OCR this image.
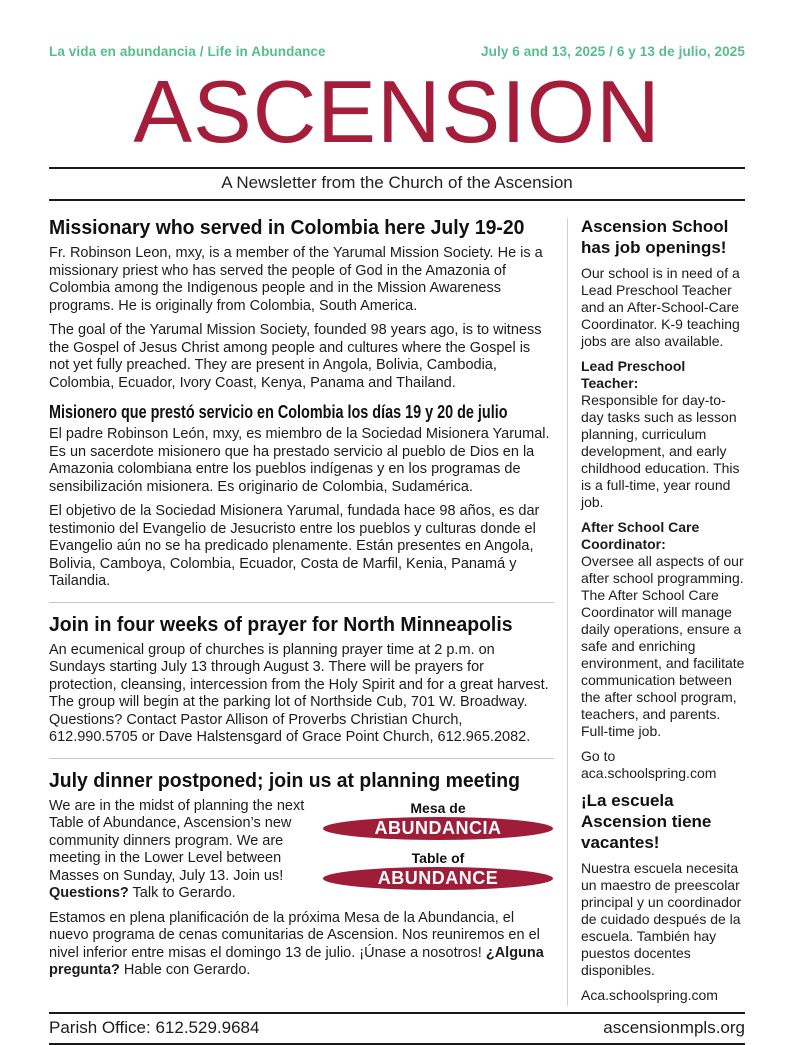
La vida en abundancia / Life in Abundance	July 6 and 13, 2025 / 6 y 13 de julio, 2025
ASCENSION
A Newsletter from the Church of the Ascension
Missionary who served in Colombia here July 19-20

Fr. Robinson Leon, mxy, is a member of the Yarumal Mission Society. He is a missionary priest who has served the people of God in the Amazonia of Colombia among the Indigenous people and in the Mission Awareness programs. He is originally from Colombia, South America.

The goal of the Yarumal Mission Society, founded 98 years ago, is to witness the Gospel of Jesus Christ among people and cultures where the Gospel is not yet fully preached. They are present in Angola, Bolivia, Cambodia, Colombia, Ecuador, Ivory Coast, Kenya, Panama and Thailand.

Misionero que prestó servicio en Colombia los días 19 y 20 de julio

El padre Robinson León, mxy, es miembro de la Sociedad Misionera Yarumal. Es un sacerdote misionero que ha prestado servicio al pueblo de Dios en la Amazonia colombiana entre los pueblos indígenas y en los programas de sensibilización misionera. Es originario de Colombia, Sudamérica.

El objetivo de la Sociedad Misionera Yarumal, fundada hace 98 años, es dar testimonio del Evangelio de Jesucristo entre los pueblos y culturas donde el Evangelio aún no se ha predicado plenamente. Están presentes en Angola, Bolivia, Camboya, Colombia, Ecuador, Costa de Marfil, Kenia, Panamá y Tailandia.

Join in four weeks of prayer for North Minneapolis

An ecumenical group of churches is planning prayer time at 2 p.m. on Sundays starting July 13 through August 3. There will be prayers for protection, cleansing, intercession from the Holy Spirit and for a great harvest. The group will begin at the parking lot of Northside Cub, 701 W. Broadway. Questions? Contact Pastor Allison of Proverbs Christian Church, 612.990.5705 or Dave Halstensgard of Grace Point Church, 612.965.2082.

July dinner postponed; join us at planning meeting

We are in the midst of planning the next Table of Abundance, Ascension’s new community dinners program. We are meeting in the Lower Level between Masses on Sunday, July 13. Join us! Questions? Talk to Gerardo.

Mesa de
ABUNDANCIA
Table of
ABUNDANCE

Estamos en plena planificación de la próxima Mesa de la Abundancia, el nuevo programa de cenas comunitarias de Ascension. Nos reuniremos en el nivel inferior entre misas el domingo 13 de julio. ¡Únase a nosotros! ¿Alguna pregunta? Hable con Gerardo.

Ascension School has job openings!

Our school is in need of a Lead Preschool Teacher and an After-School-Care Coordinator. K-9 teaching jobs are also available.

Lead Preschool Teacher:
Responsible for day-to-day tasks such as lesson planning, curriculum development, and early childhood education. This is a full-time, year round job.

After School Care Coordinator:
Oversee all aspects of our after school programming. The After School Care Coordinator will manage daily operations, ensure a safe and enriching environment, and facilitate communication between the after school program, teachers, and parents. Full-time job.

Go to aca.schoolspring.com

¡La escuela Ascension tiene vacantes!

Nuestra escuela necesita un maestro de preescolar principal y un coordinador de cuidado después de la escuela. También hay puestos docentes disponibles.

Aca.schoolspring.com

Parish Office: 612.529.9684	ascensionmpls.org
